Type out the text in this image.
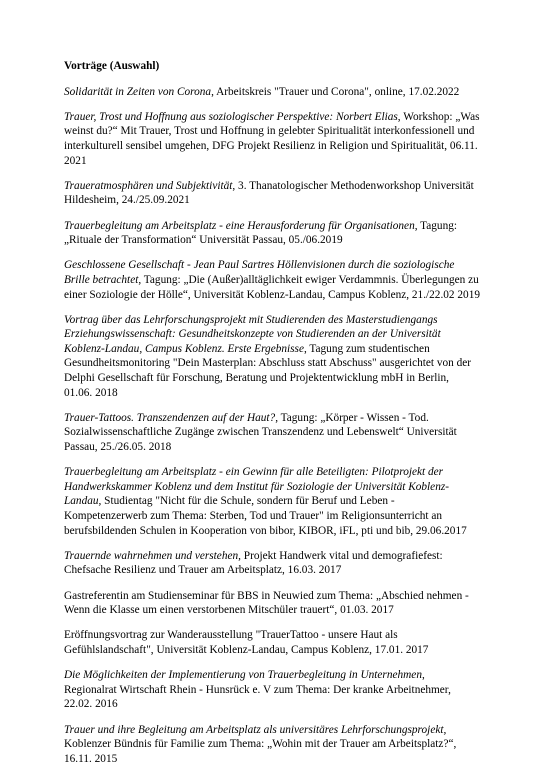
Vorträge (Auswahl)
Solidarität in Zeiten von Corona, Arbeitskreis "Trauer und Corona", online, 17.02.2022
Trauer, Trost und Hoffnung aus soziologischer Perspektive: Norbert Elias, Workshop: „Was weinst du?“ Mit Trauer, Trost und Hoffnung in gelebter Spiritualität interkonfessionell und interkulturell sensibel umgehen, DFG Projekt Resilienz in Religion und Spiritualität, 06.11. 2021
Traueratmosphären und Subjektivität, 3. Thanatologischer Methodenworkshop Universität Hildesheim, 24./25.09.2021
Trauerbegleitung am Arbeitsplatz - eine Herausforderung für Organisationen, Tagung: „Rituale der Transformation“ Universität Passau, 05./06.2019
Geschlossene Gesellschaft - Jean Paul Sartres Höllenvisionen durch die soziologische Brille betrachtet, Tagung: „Die (Außer)alltäglichkeit ewiger Verdammnis. Überlegungen zu einer Soziologie der Hölle“, Universität Koblenz-Landau, Campus Koblenz, 21./22.02 2019
Vortrag über das Lehrforschungsprojekt mit Studierenden des Masterstudiengangs Erziehungswissenschaft: Gesundheitskonzepte von Studierenden an der Universität Koblenz-Landau, Campus Koblenz. Erste Ergebnisse, Tagung zum studentischen Gesundheitsmonitoring "Dein Masterplan: Abschluss statt Abschuss" ausgerichtet von der Delphi Gesellschaft für Forschung, Beratung und Projektentwicklung mbH in Berlin, 01.06. 2018
Trauer-Tattoos. Transzendenzen auf der Haut?, Tagung: „Körper - Wissen - Tod. Sozialwissenschaftliche Zugänge zwischen Transzendenz und Lebenswelt“ Universität Passau, 25./26.05. 2018
Trauerbegleitung am Arbeitsplatz - ein Gewinn für alle Beteiligten: Pilotprojekt der Handwerkskammer Koblenz und dem Institut für Soziologie der Universität Koblenz-Landau, Studientag "Nicht für die Schule, sondern für Beruf und Leben - Kompetenzerwerb zum Thema: Sterben, Tod und Trauer" im Religionsunterricht an berufsbildenden Schulen in Kooperation von bibor, KIBOR, iFL, pti und bib, 29.06.2017
Trauernde wahrnehmen und verstehen, Projekt Handwerk vital und demografiefest: Chefsache Resilienz und Trauer am Arbeitsplatz, 16.03. 2017
Gastreferentin am Studienseminar für BBS in Neuwied zum Thema: „Abschied nehmen - Wenn die Klasse um einen verstorbenen Mitschüler trauert“, 01.03. 2017
Eröffnungsvortrag zur Wanderausstellung "TrauerTattoo - unsere Haut als Gefühlslandschaft", Universität Koblenz-Landau, Campus Koblenz, 17.01. 2017
Die Möglichkeiten der Implementierung von Trauerbegleitung in Unternehmen, Regionalrat Wirtschaft Rhein - Hunsrück e. V zum Thema: Der kranke Arbeitnehmer, 22.02. 2016
Trauer und ihre Begleitung am Arbeitsplatz als universitäres Lehrforschungsprojekt, Koblenzer Bündnis für Familie zum Thema: „Wohin mit der Trauer am Arbeitsplatz?“, 16.11. 2015
